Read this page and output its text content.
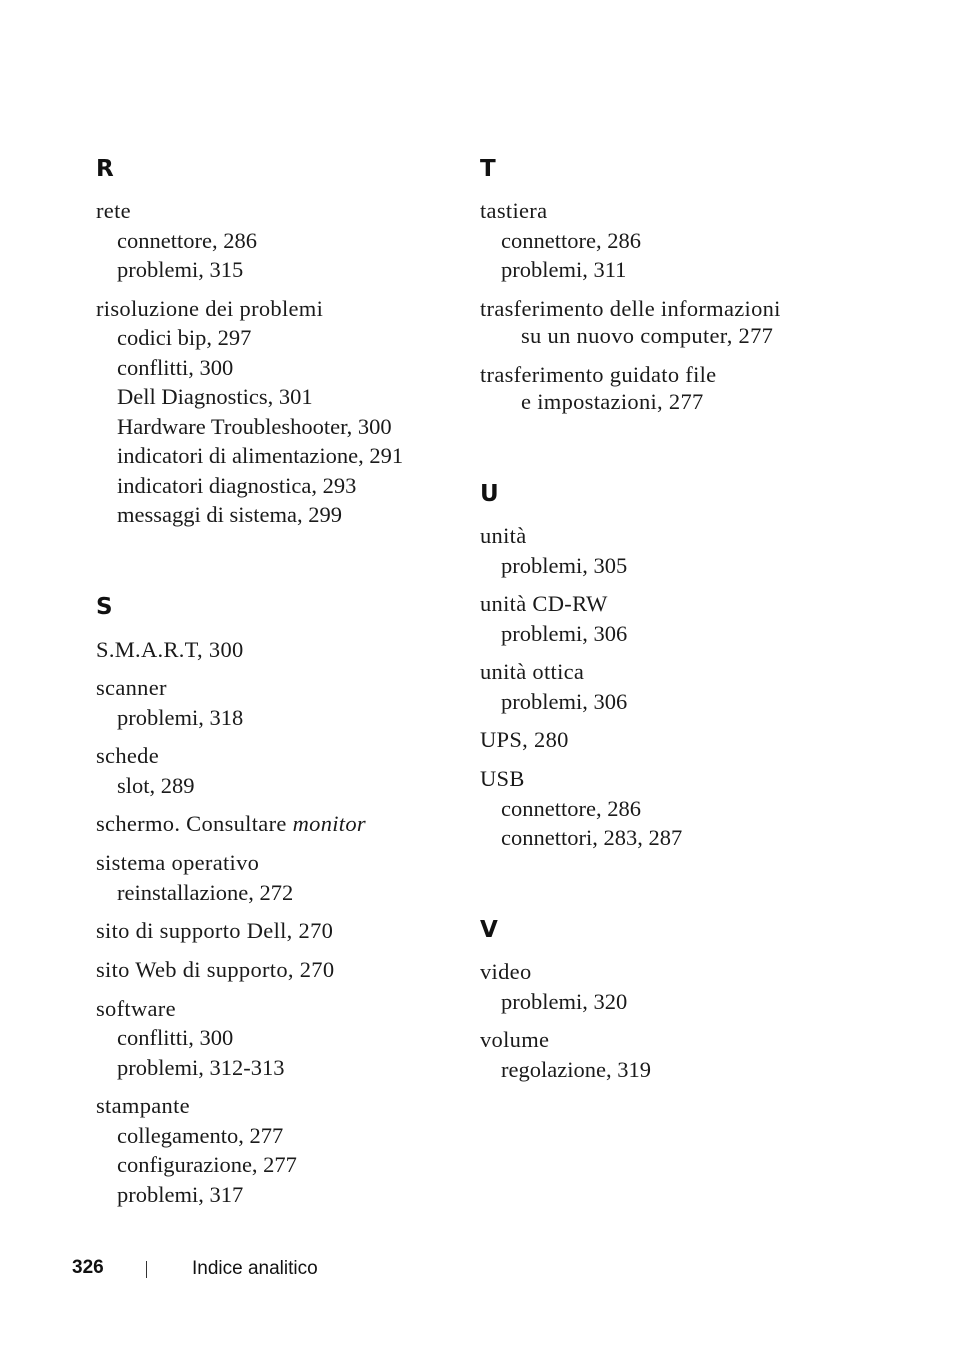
R
rete
connettore, 286
problemi, 315
risoluzione dei problemi
codici bip, 297
conflitti, 300
Dell Diagnostics, 301
Hardware Troubleshooter, 300
indicatori di alimentazione, 291
indicatori diagnostica, 293
messaggi di sistema, 299
S
S.M.A.R.T, 300
scanner
problemi, 318
schede
slot, 289
schermo. Consultare monitor
sistema operativo
reinstallazione, 272
sito di supporto Dell, 270
sito Web di supporto, 270
software
conflitti, 300
problemi, 312-313
stampante
collegamento, 277
configurazione, 277
problemi, 317
T
tastiera
connettore, 286
problemi, 311
trasferimento delle informazioni
su un nuovo computer, 277
trasferimento guidato file
e impostazioni, 277
U
unità
problemi, 305
unità CD-RW
problemi, 306
unità ottica
problemi, 306
UPS, 280
USB
connettore, 286
connettori, 283, 287
V
video
problemi, 320
volume
regolazione, 319
326	Indice analitico
